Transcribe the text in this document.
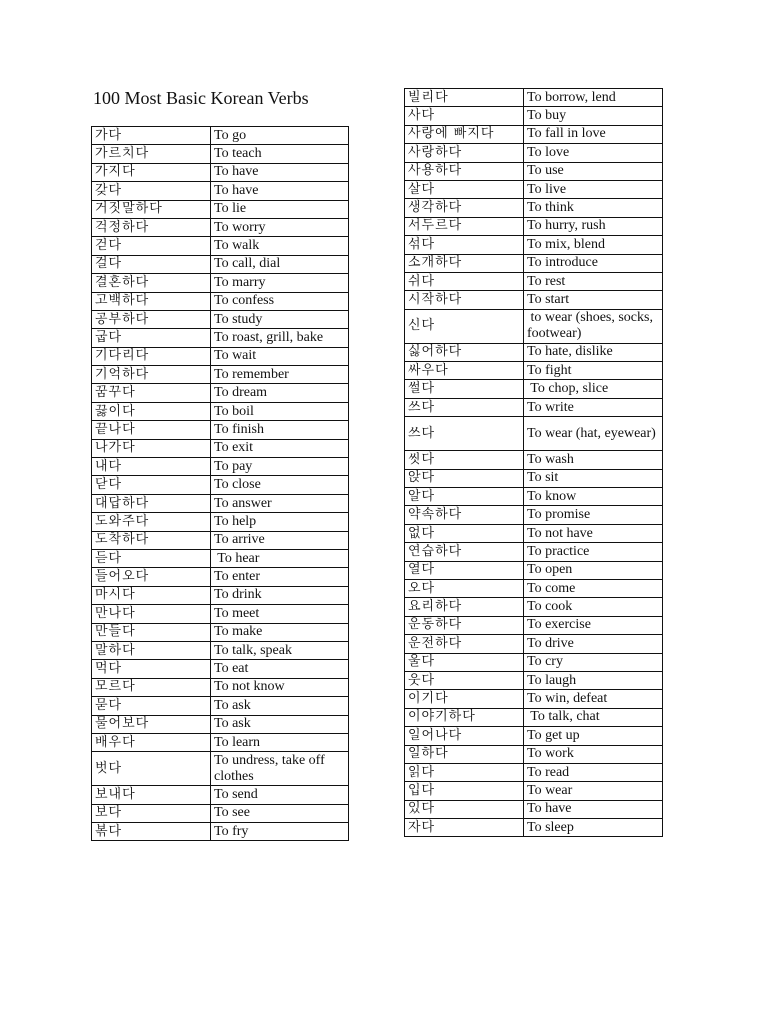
100 Most Basic Korean Verbs
가다	To go
가르치다	To teach
가지다	To have
갖다	To have
거짓말하다	To lie
걱정하다	To worry
걷다	To walk
걸다	To call, dial
결혼하다	To marry
고백하다	To confess
공부하다	To study
굽다	To roast, grill, bake
기다리다	To wait
기억하다	To remember
꿈꾸다	To dream
끓이다	To boil
끝나다	To finish
나가다	To exit
내다	To pay
닫다	To close
대답하다	To answer
도와주다	To help
도착하다	To arrive
듣다	To hear
들어오다	To enter
마시다	To drink
만나다	To meet
만들다	To make
말하다	To talk, speak
먹다	To eat
모르다	To not know
묻다	To ask
물어보다	To ask
배우다	To learn
벗다	To undress, take off clothes
보내다	To send
보다	To see
볶다	To fry
빌리다	To borrow, lend
사다	To buy
사랑에 빠지다	To fall in love
사랑하다	To love
사용하다	To use
살다	To live
생각하다	To think
서두르다	To hurry, rush
섞다	To mix, blend
소개하다	To introduce
쉬다	To rest
시작하다	To start
신다	to wear (shoes, socks, footwear)
싫어하다	To hate, dislike
싸우다	To fight
썰다	To chop, slice
쓰다	To write
쓰다	To wear (hat, eyewear)
씻다	To wash
앉다	To sit
알다	To know
약속하다	To promise
없다	To not have
연습하다	To practice
열다	To open
오다	To come
요리하다	To cook
운동하다	To exercise
운전하다	To drive
울다	To cry
웃다	To laugh
이기다	To win, defeat
이야기하다	To talk, chat
일어나다	To get up
일하다	To work
읽다	To read
입다	To wear
있다	To have
자다	To sleep
